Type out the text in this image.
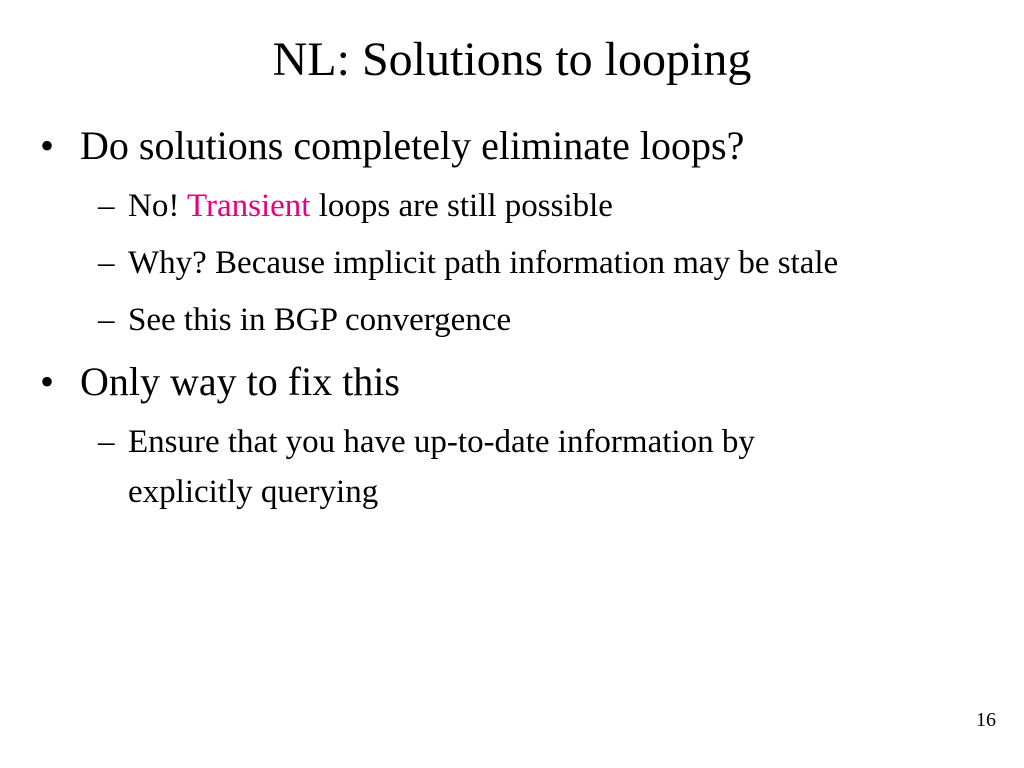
NL: Solutions to looping
• Do solutions completely eliminate loops?
– No! Transient loops are still possible
– Why? Because implicit path information may be stale
– See this in BGP convergence
• Only way to fix this
– Ensure that you have up-to-date information by
explicitly querying
16
